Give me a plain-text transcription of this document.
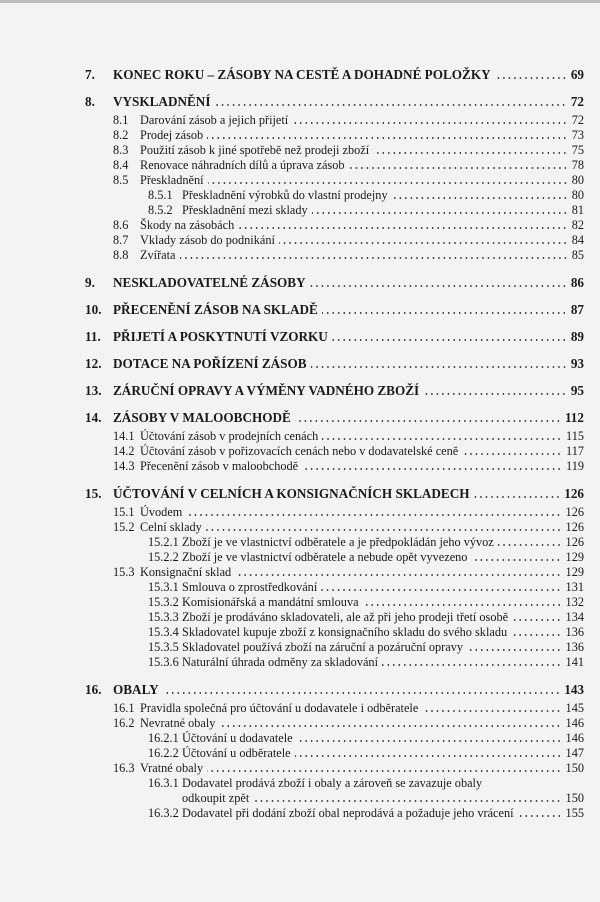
7.	KONEC ROKU – ZÁSOBY NA CESTĚ A DOHADNÉ POLOŽKY	69
8.	VYSKLADNĚNÍ	72
8.1 Darování zásob a jejich přijetí	72
8.2 Prodej zásob	73
8.3 Použití zásob k jiné spotřebě než prodeji zboží	75
8.4 Renovace náhradních dílů a úprava zásob	78
8.5 Přeskladnění	80
8.5.1 Přeskladnění výrobků do vlastní prodejny	80
8.5.2 Přeskladnění mezi sklady	81
8.6 Škody na zásobách	82
8.7 Vklady zásob do podnikání	84
8.8 Zvířata	85
9.	NESKLADOVATELNÉ ZÁSOBY	86
10. PŘECENĚNÍ ZÁSOB NA SKLADĚ	87
11. PŘIJETÍ A POSKYTNUTÍ VZORKU	89
12. DOTACE NA POŘÍZENÍ ZÁSOB	93
13. ZÁRUČNÍ OPRAVY A VÝMĚNY VADNÉHO ZBOŽÍ	95
14. ZÁSOBY V MALOOBCHODĚ	112
14.1 Účtování zásob v prodejních cenách	115
14.2 Účtování zásob v pořizovacích cenách nebo v dodavatelské ceně	117
14.3 Přecenění zásob v maloobchodě	119
15. ÚČTOVÁNÍ V CELNÍCH A KONSIGNAČNÍCH SKLADECH	126
15.1 Úvodem	126
15.2 Celní sklady	126
15.2.1 Zboží je ve vlastnictví odběratele a je předpokládán jeho vývoz	126
15.2.2 Zboží je ve vlastnictví odběratele a nebude opět vyvezeno	129
15.3 Konsignační sklad	129
15.3.1 Smlouva o zprostředkování	131
15.3.2 Komisionářská a mandátní smlouva	132
15.3.3 Zboží je prodáváno skladovateli, ale až při jeho prodeji třetí osobě	134
15.3.4 Skladovatel kupuje zboží z konsignačního skladu do svého skladu	136
15.3.5 Skladovatel používá zboží na záruční a pozáruční opravy	136
15.3.6 Naturální úhrada odměny za skladování	141
16. OBALY	143
16.1 Pravidla společná pro účtování u dodavatele i odběratele	145
16.2 Nevratné obaly	146
16.2.1 Účtování u dodavatele	146
16.2.2 Účtování u odběratele	147
16.3 Vratné obaly	150
16.3.1 Dodavatel prodává zboží i obaly a zároveň se zavazuje obaly
odkoupit zpět	150
16.3.2 Dodavatel při dodání zboží obal neprodává a požaduje jeho vrácení	155
